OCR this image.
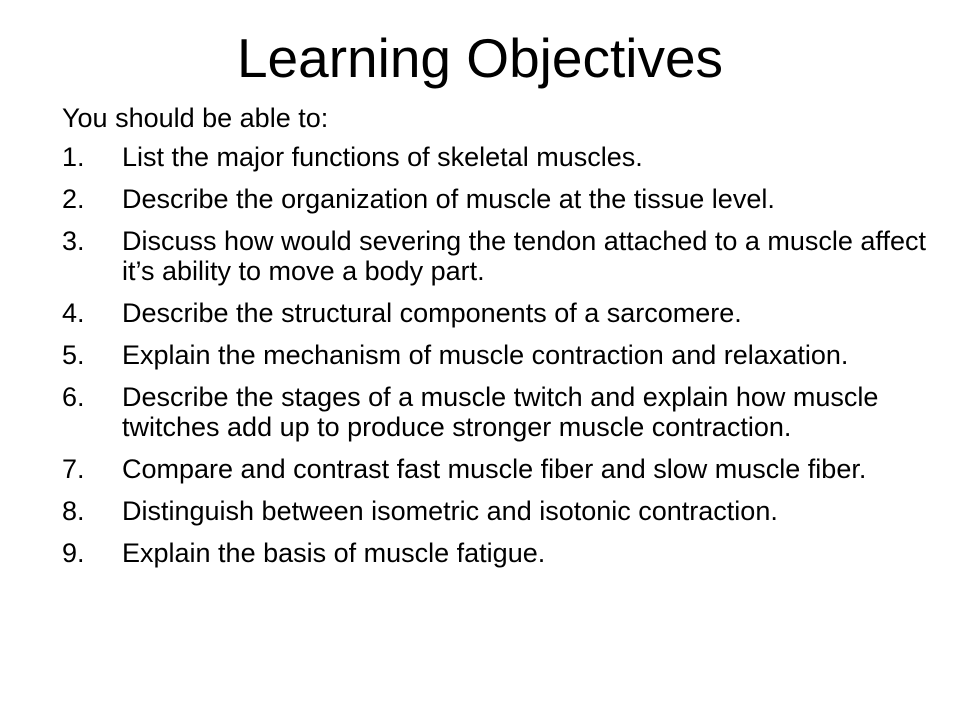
Learning Objectives

You should be able to:

1. List the major functions of skeletal muscles.
2. Describe the organization of muscle at the tissue level.
3. Discuss how would severing the tendon attached to a muscle affect it’s ability to move a body part.
4. Describe the structural components of a sarcomere.
5. Explain the mechanism of muscle contraction and relaxation.
6. Describe the stages of a muscle twitch and explain how muscle twitches add up to produce stronger muscle contraction.
7. Compare and contrast fast muscle fiber and slow muscle fiber.
8. Distinguish between isometric and isotonic contraction.
9. Explain the basis of muscle fatigue.
